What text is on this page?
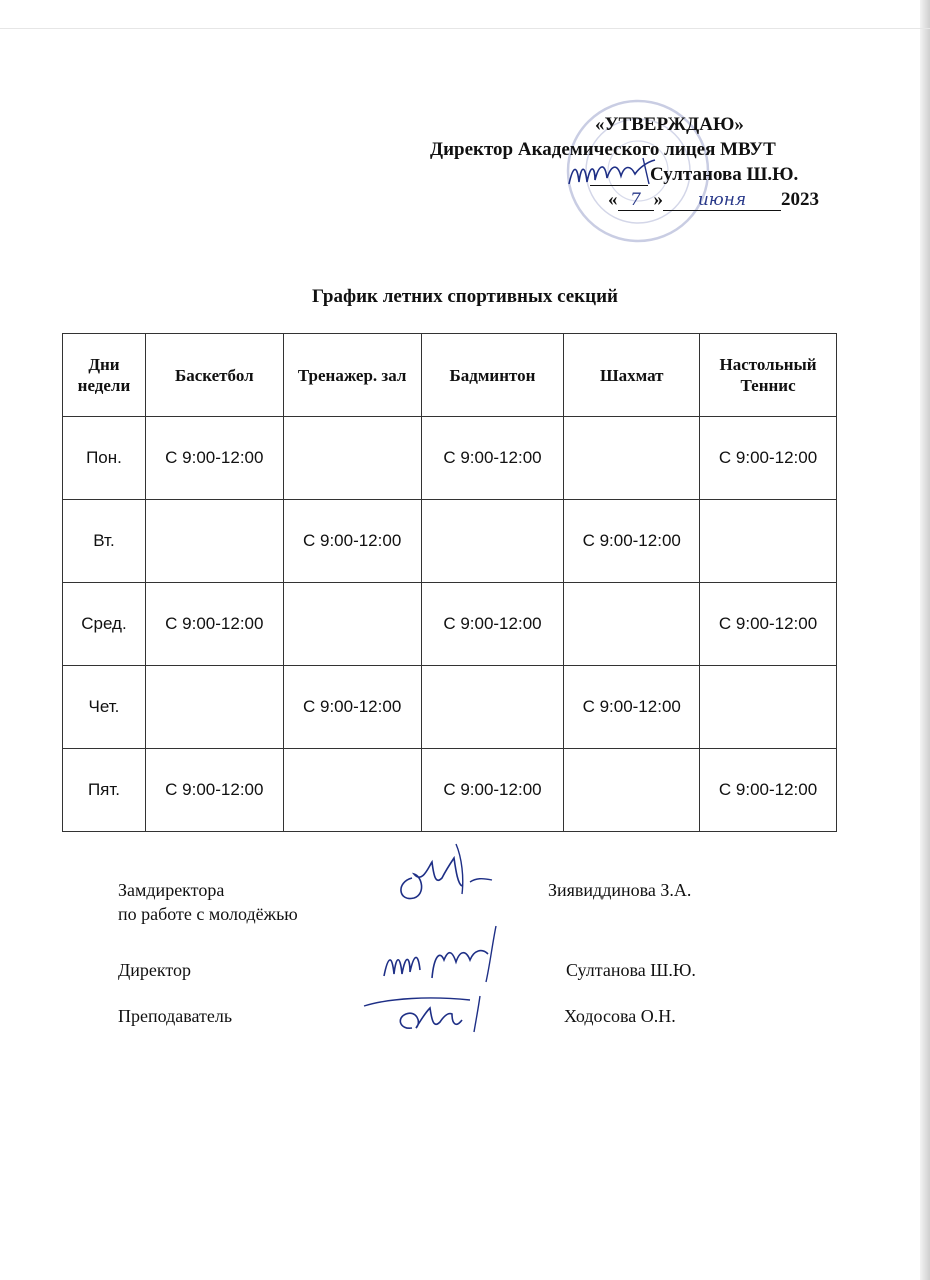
«УТВЕРЖДАЮ»
Директор Академического лицея МВУТ
Султанова Ш.Ю.
« 7 » июня 2023
График летних спортивных секций
Дни недели	Баскетбол	Тренажер. зал	Бадминтон	Шахмат	Настольный Теннис
Пон.	С 9:00-12:00		С 9:00-12:00		С 9:00-12:00
Вт.		С 9:00-12:00		С 9:00-12:00	
Сред.	С 9:00-12:00		С 9:00-12:00		С 9:00-12:00
Чет.		С 9:00-12:00		С 9:00-12:00	
Пят.	С 9:00-12:00		С 9:00-12:00		С 9:00-12:00
Замдиректора
по работе с молодёжью
Зиявиддинова З.А.
Директор	Султанова Ш.Ю.
Преподаватель	Ходосова О.Н.
